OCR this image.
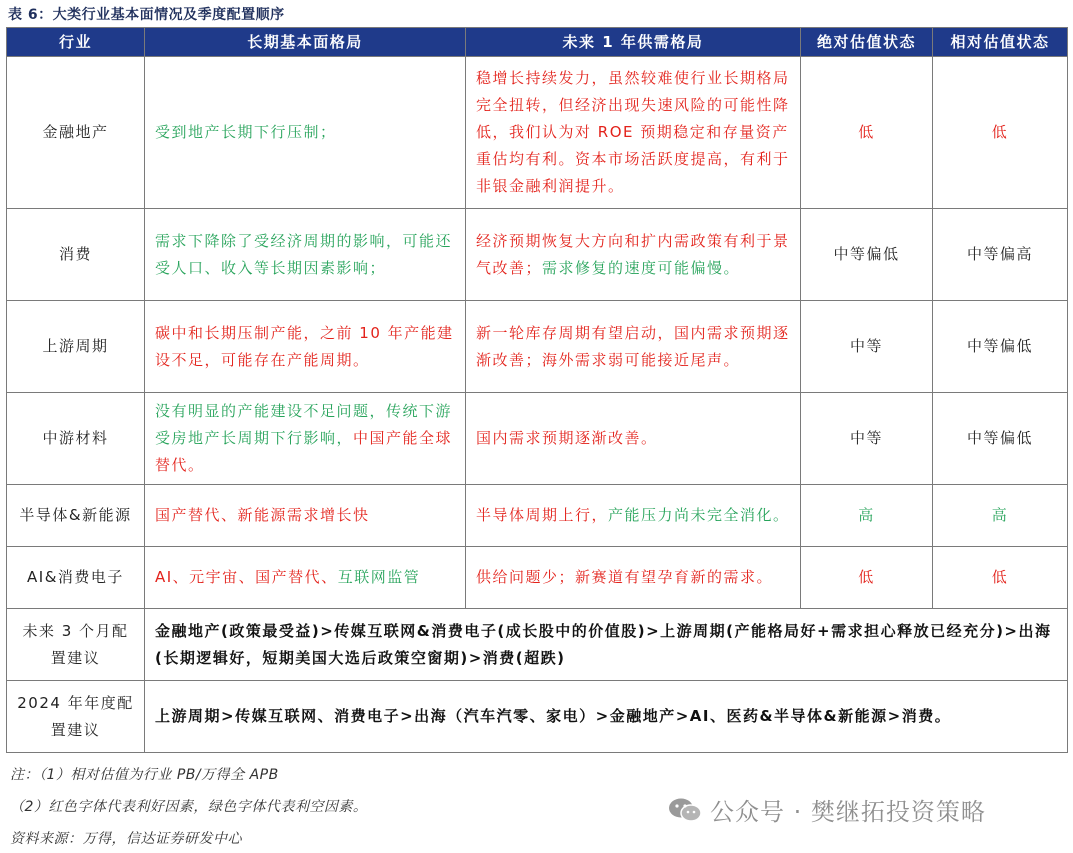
表 6：大类行业基本面情况及季度配置顺序
行业	长期基本面格局	未来 1 年供需格局	绝对估值状态	相对估值状态
金融地产	受到地产长期下行压制；	稳增长持续发力，虽然较难使行业长期格局完全扭转，但经济出现失速风险的可能性降低，我们认为对 ROE 预期稳定和存量资产重估均有利。资本市场活跃度提高，有利于非银金融利润提升。	低	低
消费	需求下降除了受经济周期的影响，可能还受人口、收入等长期因素影响；	经济预期恢复大方向和扩内需政策有利于景气改善；需求修复的速度可能偏慢。	中等偏低	中等偏高
上游周期	碳中和长期压制产能，之前 10 年产能建设不足，可能存在产能周期。	新一轮库存周期有望启动，国内需求预期逐渐改善；海外需求弱可能接近尾声。	中等	中等偏低
中游材料	没有明显的产能建设不足问题，传统下游受房地产长周期下行影响，中国产能全球替代。	国内需求预期逐渐改善。	中等	中等偏低
半导体&新能源	国产替代、新能源需求增长快	半导体周期上行，产能压力尚未完全消化。	高	高
AI&消费电子	AI、元宇宙、国产替代、互联网监管	供给问题少；新赛道有望孕育新的需求。	低	低
未来 3 个月配置建议	金融地产(政策最受益)>传媒互联网&消费电子(成长股中的价值股)>上游周期(产能格局好+需求担心释放已经充分)>出海(长期逻辑好，短期美国大选后政策空窗期)>消费(超跌)			
2024 年年度配置建议	上游周期>传媒互联网、消费电子>出海（汽车汽零、家电）>金融地产>AI、医药&半导体&新能源>消费。			
注：（1）相对估值为行业 PB/万得全 APB
（2）红色字体代表利好因素，绿色字体代表利空因素。
资料来源：万得，信达证券研发中心
公众号 · 樊继拓投资策略
